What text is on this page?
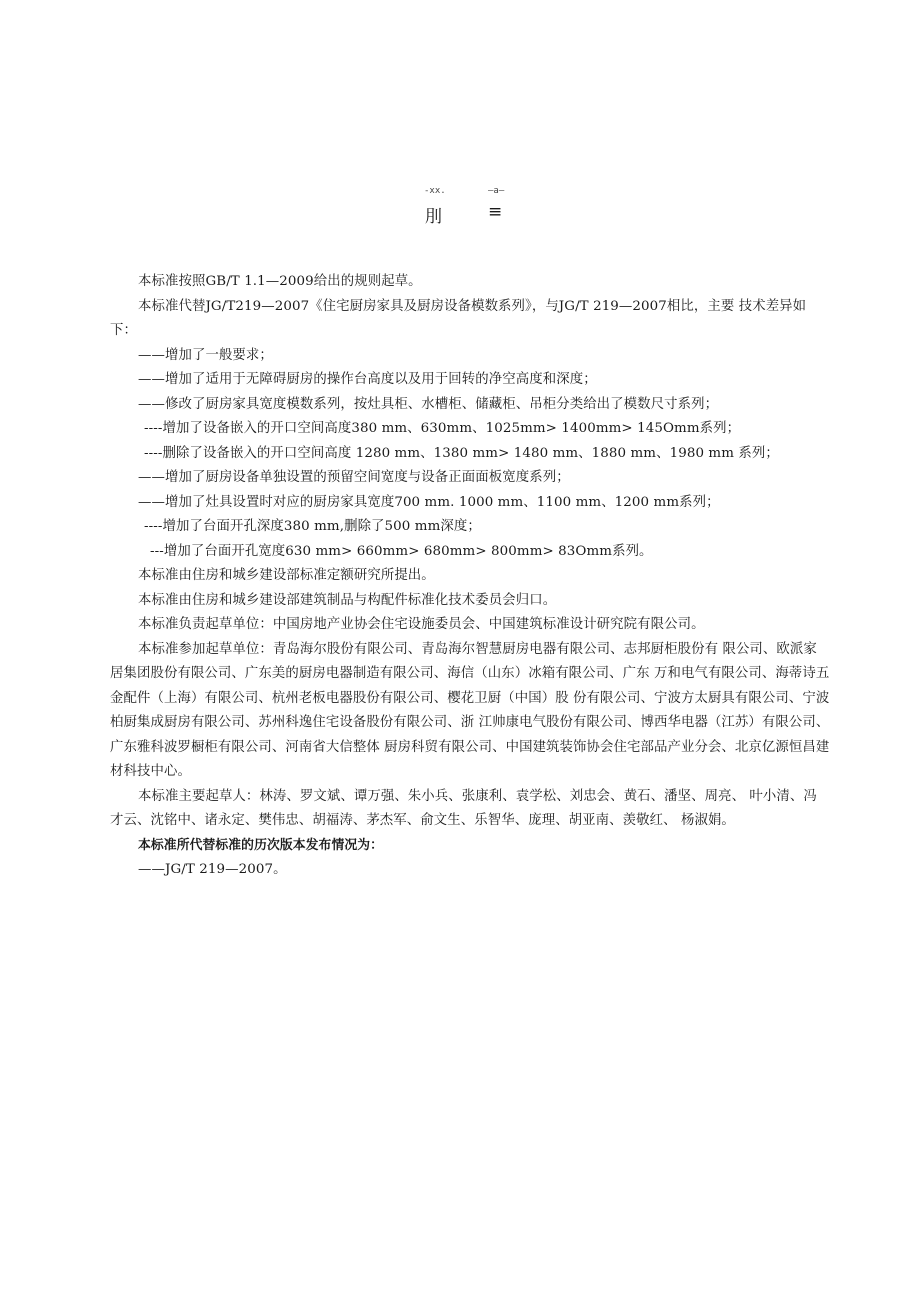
-xx.	—a—
刖	≡

本标准按照GB/T 1.1—2009给出的规则起草。

本标准代替JG/T219—2007《住宅厨房家具及厨房设备模数系列》，与JG/T 219—2007相比，主要 技术差异如下：

——增加了一般要求；

——增加了适用于无障碍厨房的操作台高度以及用于回转的净空高度和深度；

——修改了厨房家具宽度模数系列，按灶具柜、水槽柜、储藏柜、吊柜分类给出了模数尺寸系列；

----增加了设备嵌入的开口空间高度380 mm、630mm、1025mm> 1400mm> 145Omm系列；

----删除了设备嵌入的开口空间高度 1280 mm、1380 mm> 1480 mm、1880 mm、1980 mm 系列；

——增加了厨房设备单独设置的预留空间宽度与设备正面面板宽度系列；

——增加了灶具设置时对应的厨房家具宽度700 mm. 1000 mm、1100 mm、1200 mm系列；

----增加了台面开孔深度380 mm,删除了500 mm深度；

---增加了台面开孔宽度630 mm> 660mm> 680mm> 800mm> 83Omm系列。

本标准由住房和城乡建设部标准定额研究所提出。

本标准由住房和城乡建设部建筑制品与构配件标准化技术委员会归口。

本标准负责起草单位：中国房地产业协会住宅设施委员会、中国建筑标准设计研究院有限公司。

本标准参加起草单位：青岛海尔股份有限公司、青岛海尔智慧厨房电器有限公司、志邦厨柜股份有 限公司、欧派家居集团股份有限公司、广东美的厨房电器制造有限公司、海信（山东）冰箱有限公司、广东 万和电气有限公司、海蒂诗五金配件（上海）有限公司、杭州老板电器股份有限公司、樱花卫厨（中国）股 份有限公司、宁波方太厨具有限公司、宁波柏厨集成厨房有限公司、苏州科逸住宅设备股份有限公司、浙 江帅康电气股份有限公司、博西华电器（江苏）有限公司、广东雅科波罗橱柜有限公司、河南省大信整体 厨房科贸有限公司、中国建筑装饰协会住宅部品产业分会、北京亿源恒昌建材科技中心。

本标准主要起草人：林涛、罗文斌、谭万强、朱小兵、张康利、袁学松、刘忠会、黄石、潘坚、周亮、 叶小清、冯才云、沈铭中、诸永定、樊伟忠、胡福涛、茅杰军、俞文生、乐智华、庞理、胡亚南、羡敬红、 杨淑娟。

本标准所代替标准的历次版本发布情况为：

——JG/T 219—2007。
